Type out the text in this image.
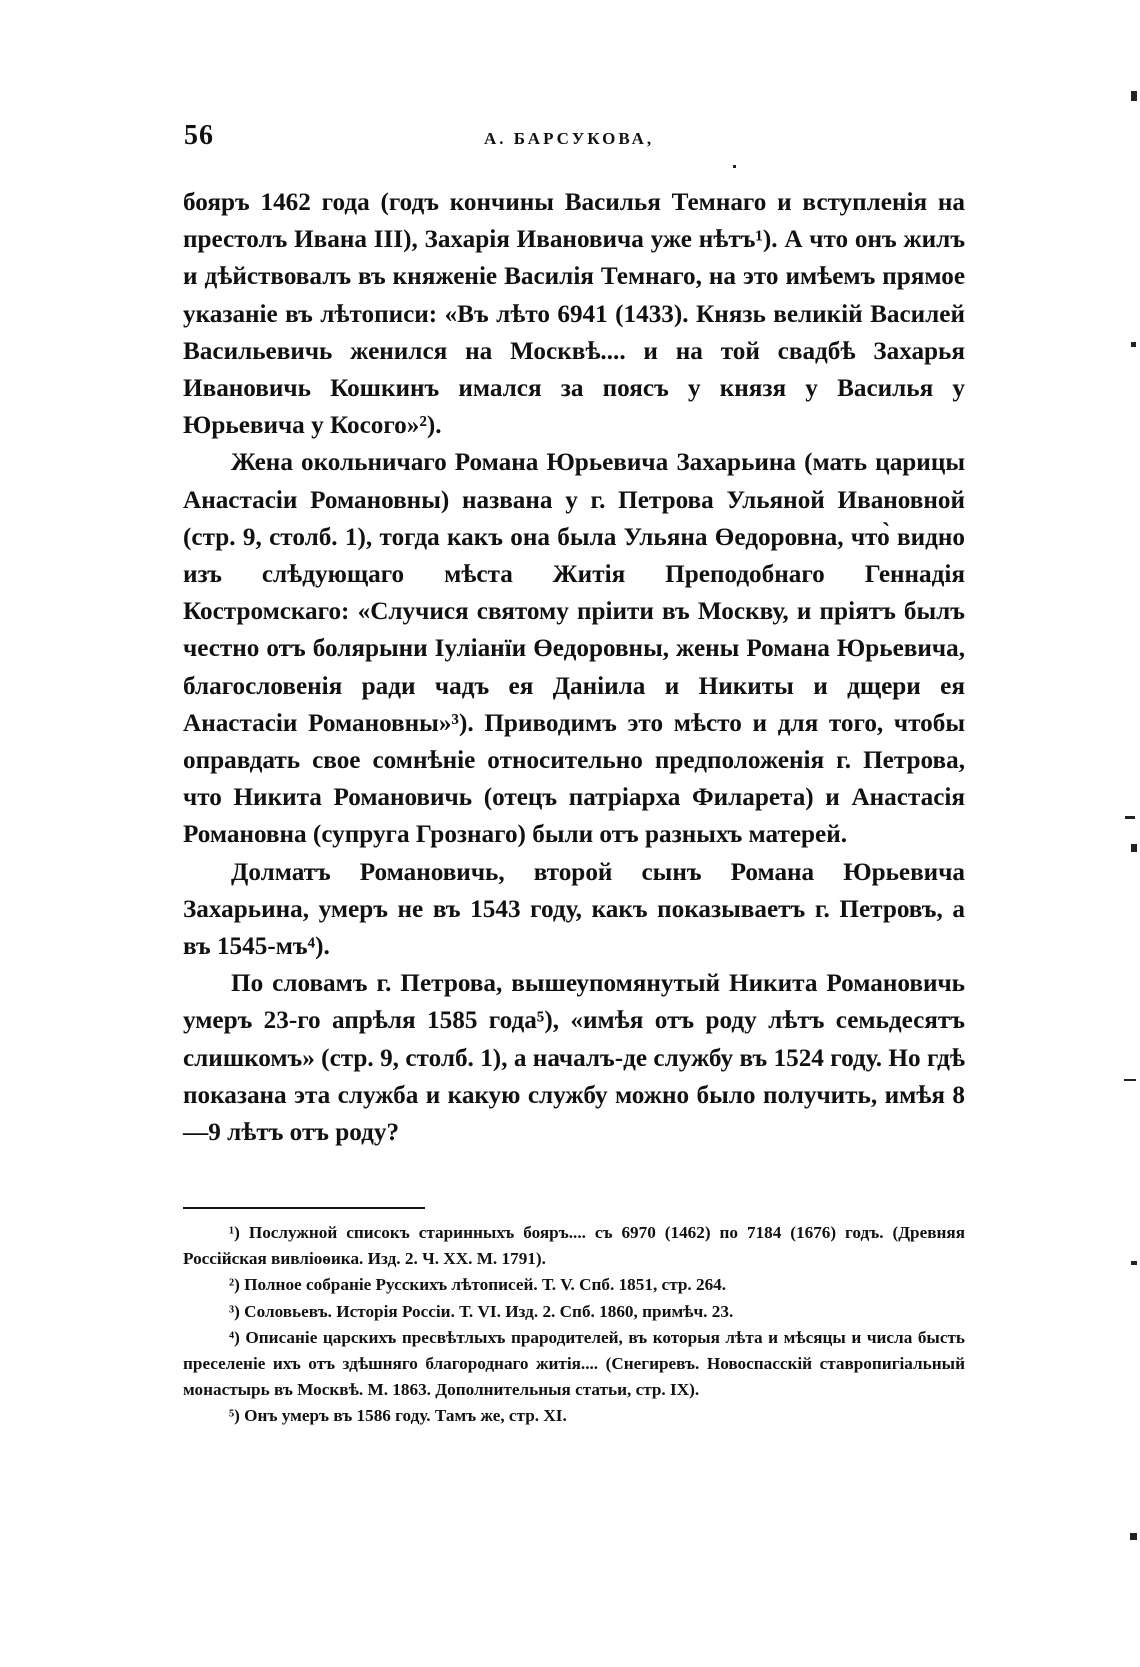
56	А. БАРСУКОВА,

бояръ 1462 года (годъ кончины Василья Темнаго и вступленія на престолъ Ивана III), Захарія Ивановича уже нѣтъ¹). А что онъ жилъ и дѣйствовалъ въ княженіе Василія Темнаго, на это имѣемъ прямое указаніе въ лѣтописи: «Въ лѣто 6941 (1433). Князь великій Василей Васильевичь женился на Москвѣ.... и на той свадбѣ Захарья Ивановичь Кошкинъ имался за поясъ у князя у Василья у Юрьевича у Косого»²).

Жена окольничаго Романа Юрьевича Захарьина (мать царицы Анастасіи Романовны) названа у г. Петрова Ульяной Ивановной (стр. 9, столб. 1), тогда какъ она была Ульяна Өедоровна, что̀ видно изъ слѣдующаго мѣста Житія Преподобнаго Геннадія Костромскаго: «Случися святому пріити въ Москву, и пріятъ былъ честно отъ болярыни Іуліанїи Өедоровны, жены Романа Юрьевича, благословенія ради чадъ ея Даніила и Никиты и дщери ея Анастасіи Романовны»³). Приводимъ это мѣсто и для того, чтобы оправдать свое сомнѣніе относительно предположенія г. Петрова, что Никита Романовичь (отецъ патріарха Филарета) и Анастасія Романовна (супруга Грознаго) были отъ разныхъ матерей.

Долматъ Романовичь, второй сынъ Романа Юрьевича Захарьина, умеръ не въ 1543 году, какъ показываетъ г. Петровъ, а въ 1545-мъ⁴).

По словамъ г. Петрова, вышеупомянутый Никита Романовичь умеръ 23-го апрѣля 1585 года⁵), «имѣя отъ роду лѣтъ семьдесятъ слишкомъ» (стр. 9, столб. 1), а началъ-де службу въ 1524 году. Но гдѣ показана эта служба и какую службу можно было получить, имѣя 8—9 лѣтъ отъ роду?

¹) Послужной списокъ старинныхъ бояръ.... съ 6970 (1462) по 7184 (1676) годъ. (Древняя Россійская вивліоѳика. Изд. 2. Ч. XX. М. 1791).

²) Полное собраніе Русскихъ лѣтописей. Т. V. Спб. 1851, стр. 264.

³) Соловьевъ. Исторія Россіи. Т. VI. Изд. 2. Спб. 1860, примѣч. 23.

⁴) Описаніе царскихъ пресвѣтлыхъ прародителей, въ которыя лѣта и мѣсяцы и числа бысть преселеніе ихъ отъ здѣшняго благороднаго житія.... (Снегиревъ. Новоспасскій ставропигіальный монастырь въ Москвѣ. М. 1863. Дополнительныя статьи, стр. IX).

⁵) Онъ умеръ въ 1586 году. Тамъ же, стр. XI.
